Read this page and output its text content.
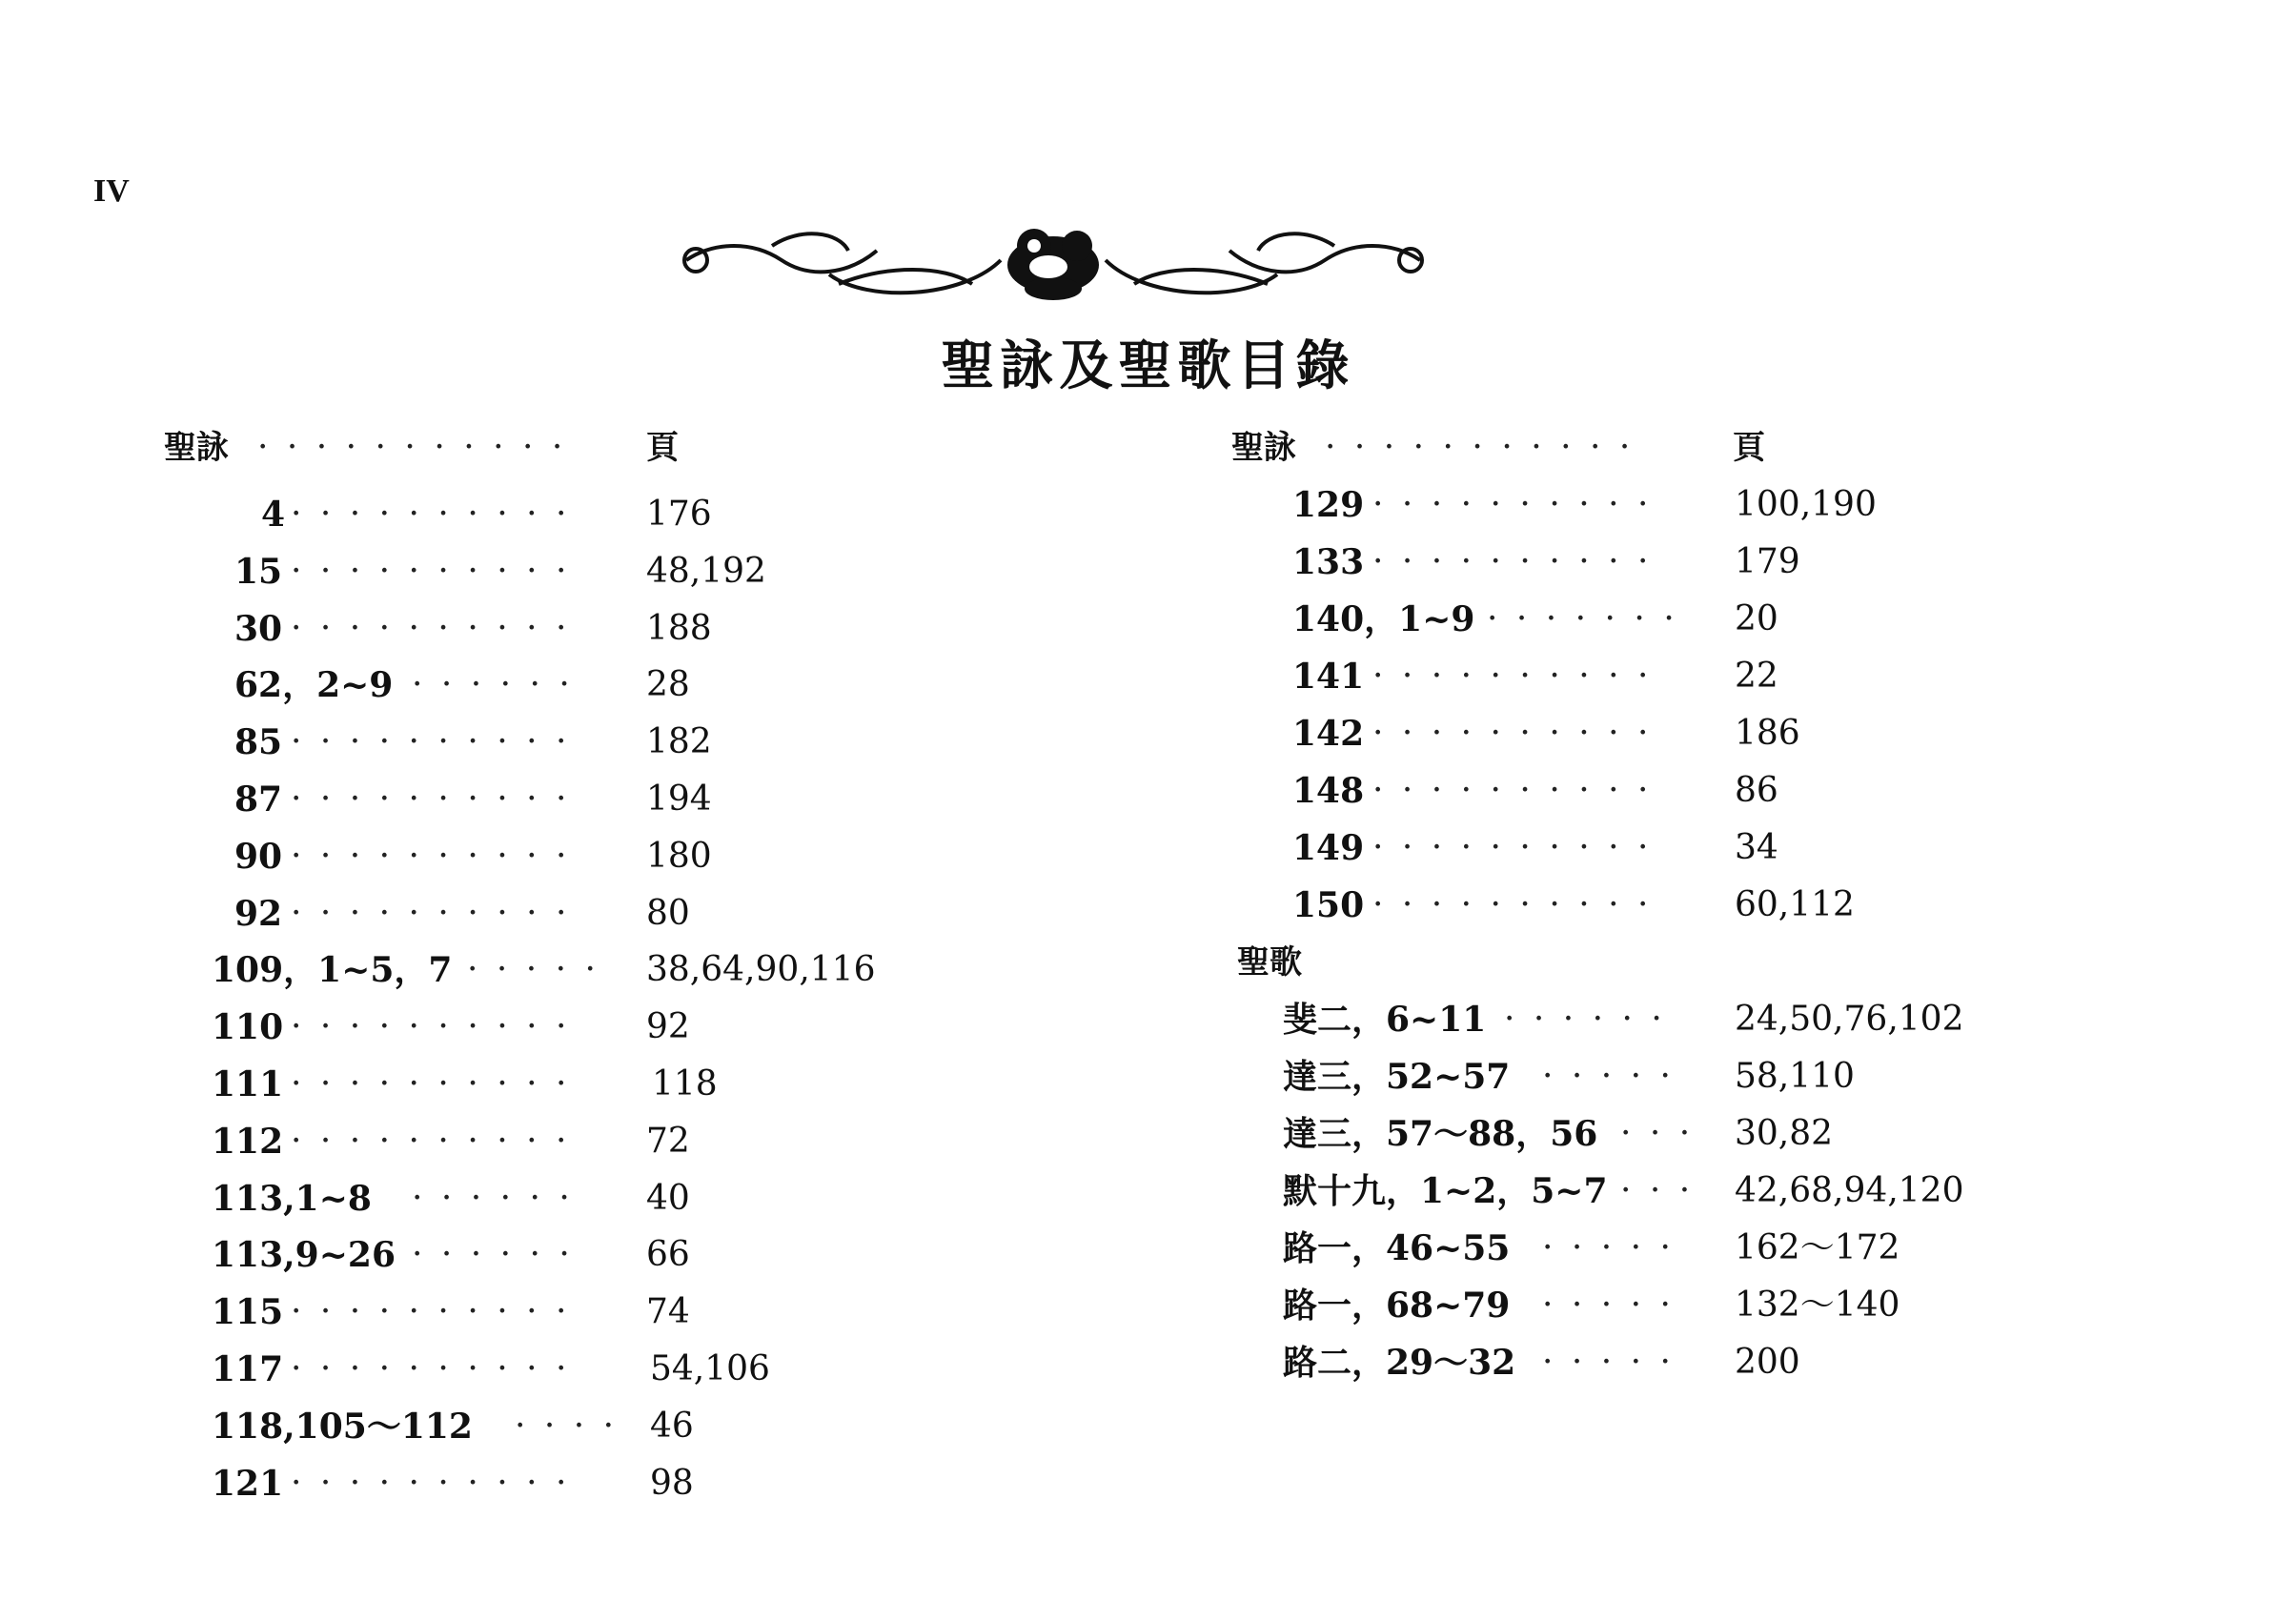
IV
聖詠及聖歌目錄
聖詠 · · · · · · · · · · · 頁
4 · · · · · · · · · · 176
15 · · · · · · · · · · 48,192
30 · · · · · · · · · · 188
62，2~9 · · · · · · 28
85 · · · · · · · · · · 182
87 · · · · · · · · · · 194
90 · · · · · · · · · · 180
92 · · · · · · · · · · 80
109，1~5，7 · · · · · 38,64,90,116
110 · · · · · · · · · · 92
111 · · · · · · · · · · 118
112 · · · · · · · · · · 72
113,1~8 · · · · · · 40
113,9~26 · · · · · · 66
115 · · · · · · · · · · 74
117 · · · · · · · · · · 54,106
118,105～112 · · · · 46
121 · · · · · · · · · · 98
聖詠 · · · · · · · · · · ·	頁
129 · · · · · · · · · · 100,190
133 · · · · · · · · · · 179
140，1~9 · · · · · · · 20
141 · · · · · · · · · · 22
142 · · · · · · · · · · 186
148 · · · · · · · · · · 86
149 · · · · · · · · · · 34
150 · · · · · · · · · · 60,112
聖歌
斐二，6~11 · · · · · · 24,50,76,102
達三，52~57 · · · · · 58,110
達三，57～88，56 · · · 30,82
默十九，1~2，5~7 · · · 42,68,94,120
路一，46~55 · · · · · 162～172
路一，68~79 · · · · · 132～140
路二，29～32 · · · · · 200
